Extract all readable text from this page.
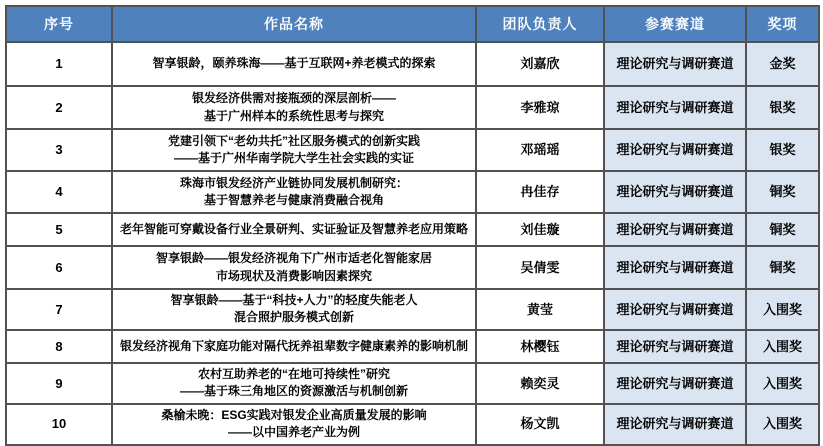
序号	作品名称	团队负责人	参赛赛道	奖项
1	智享银龄，颐养珠海——基于互联网+养老模式的探索	刘嘉欣	理论研究与调研赛道	金奖
2	银发经济供需对接瓶颈的深层剖析——
基于广州样本的系统性思考与探究	李雅琼	理论研究与调研赛道	银奖
3	党建引领下“老幼共托”社区服务模式的创新实践
——基于广州华南学院大学生社会实践的实证	邓瑶瑶	理论研究与调研赛道	银奖
4	珠海市银发经济产业链协同发展机制研究：
基于智慧养老与健康消费融合视角	冉佳存	理论研究与调研赛道	铜奖
5	老年智能可穿戴设备行业全景研判、实证验证及智慧养老应用策略	刘佳璇	理论研究与调研赛道	铜奖
6	智享银龄——银发经济视角下广州市适老化智能家居
市场现状及消费影响因素探究	吴倩雯	理论研究与调研赛道	铜奖
7	智享银龄——基于“科技+人力”的轻度失能老人
混合照护服务模式创新	黄莹	理论研究与调研赛道	入围奖
8	银发经济视角下家庭功能对隔代抚养祖辈数字健康素养的影响机制	林樱钰	理论研究与调研赛道	入围奖
9	农村互助养老的“在地可持续性”研究
——基于珠三角地区的资源激活与机制创新	赖奕灵	理论研究与调研赛道	入围奖
10	桑榆未晚：ESG实践对银发企业高质量发展的影响
——以中国养老产业为例	杨文凯	理论研究与调研赛道	入围奖
